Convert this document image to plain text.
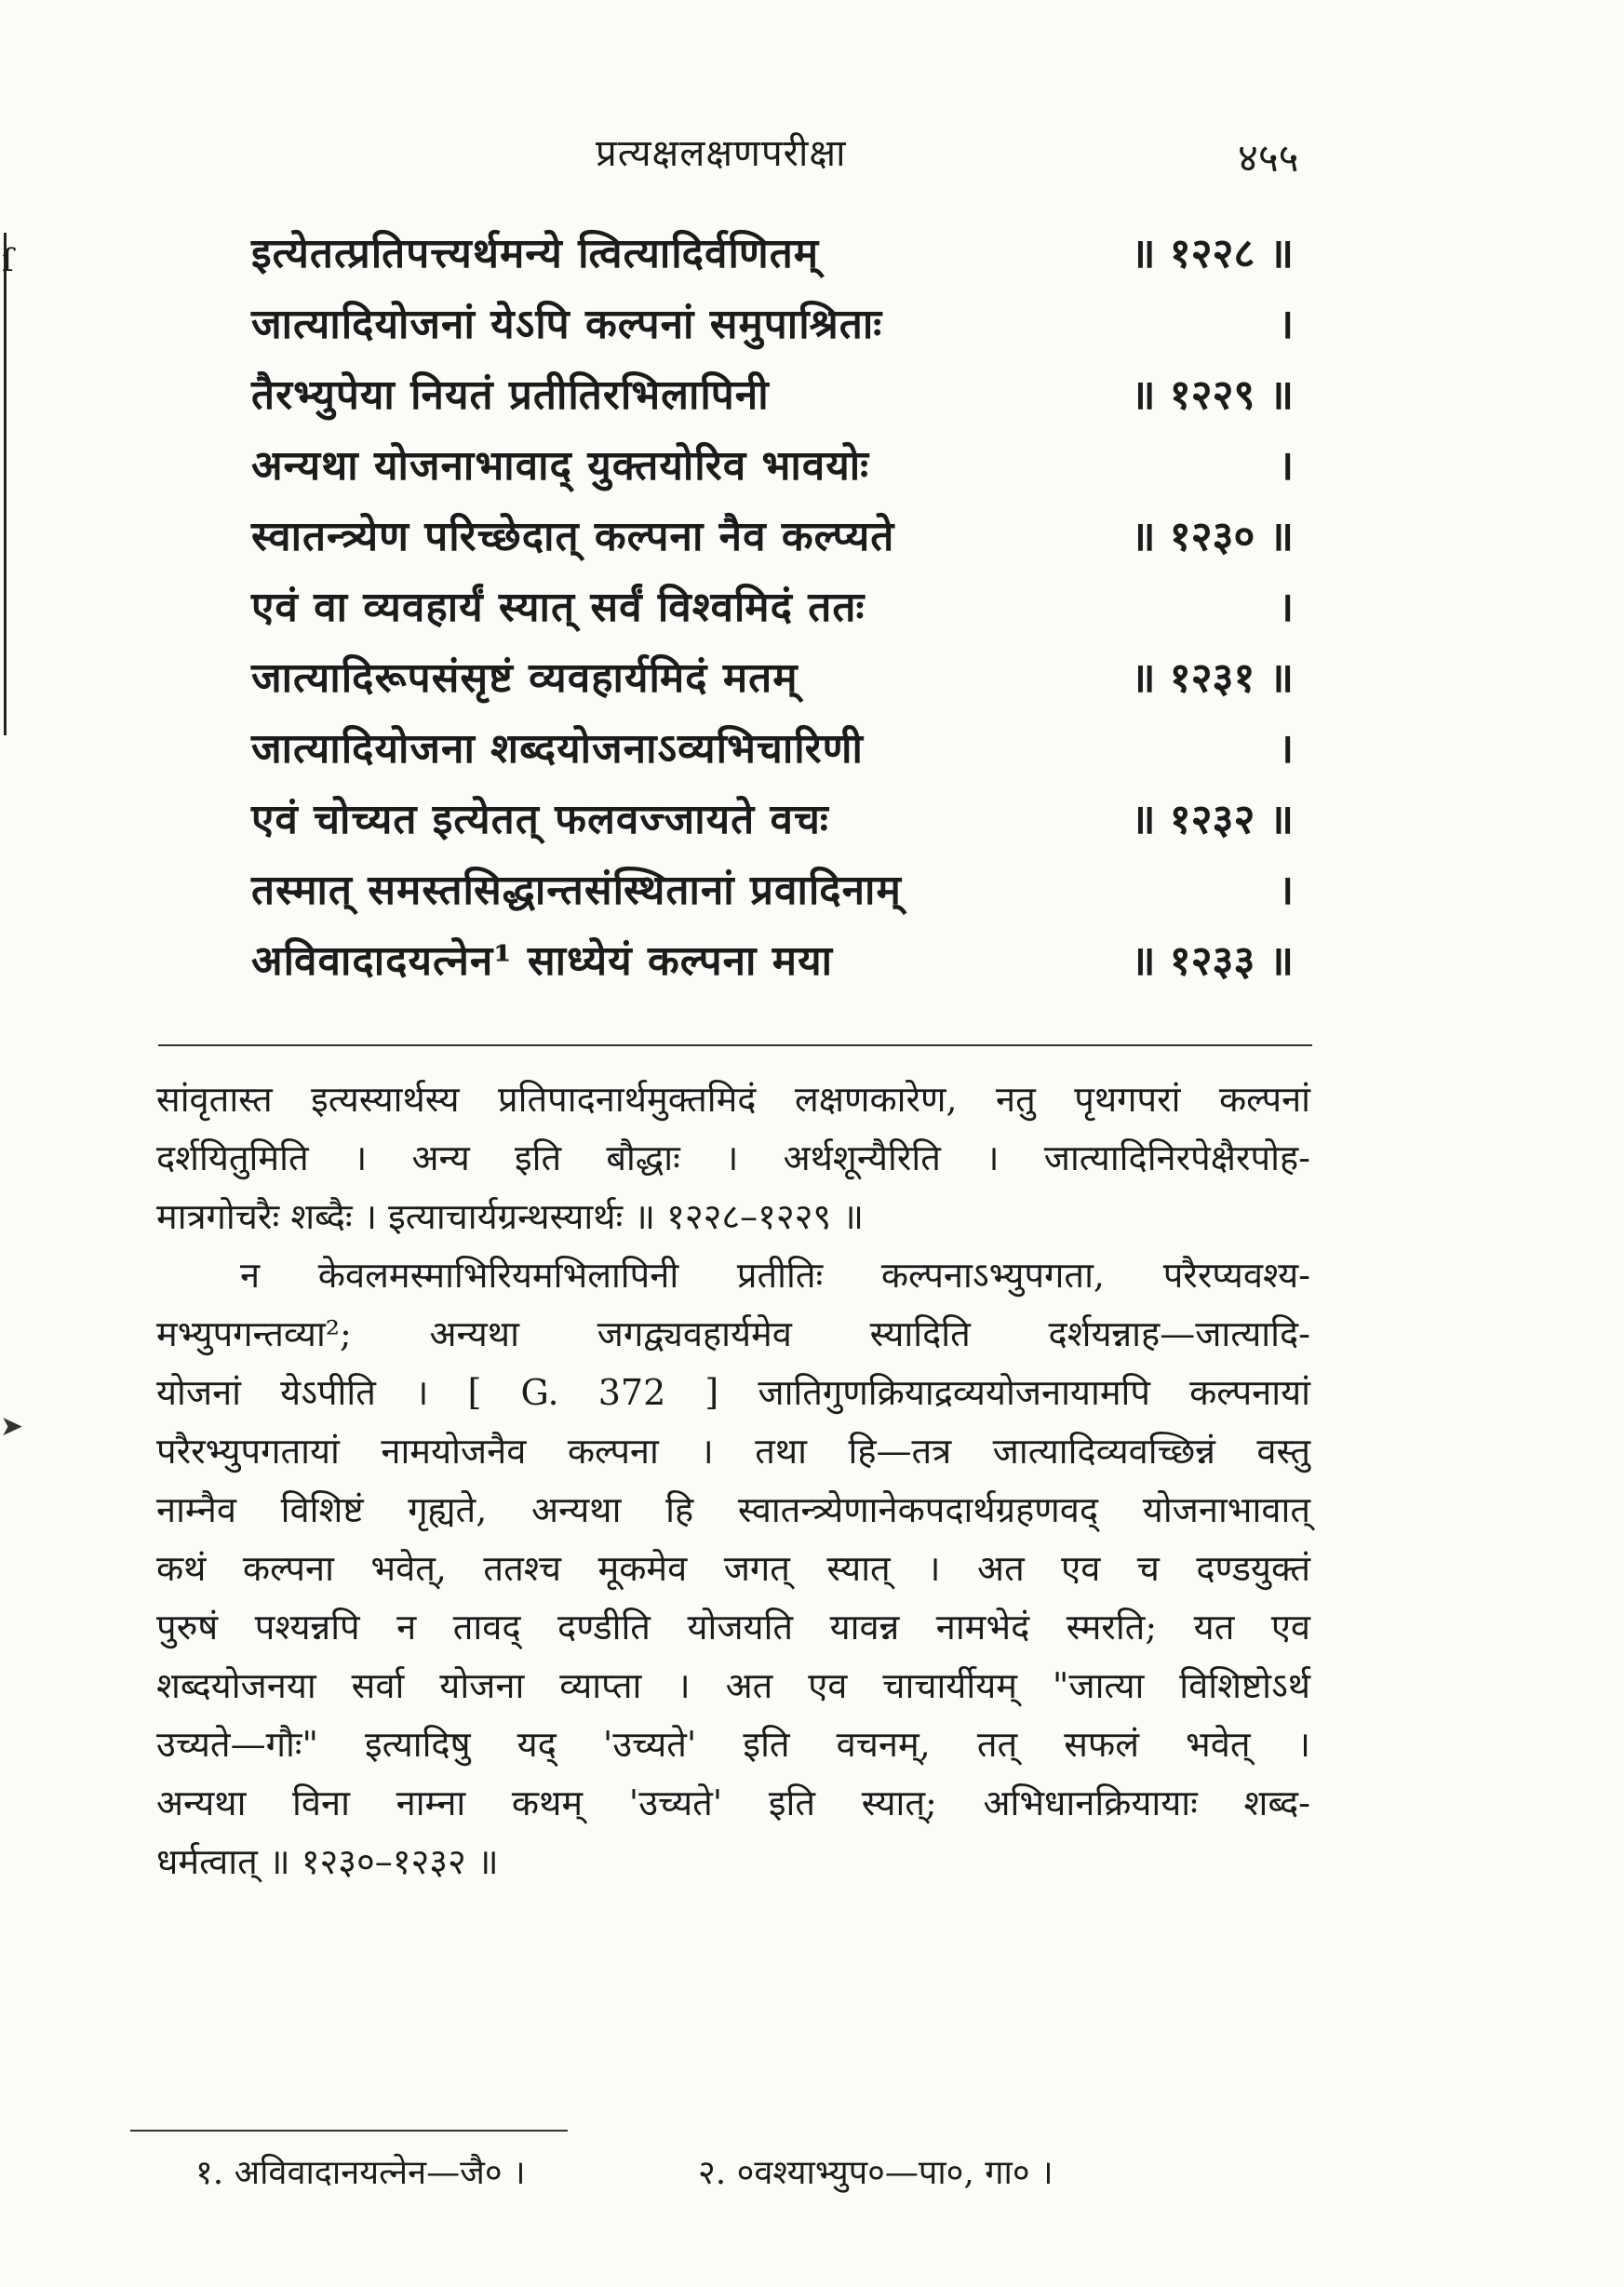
ſ
➤
प्रत्यक्षलक्षणपरीक्षा	४५५
इत्येतत्प्रतिपत्त्यर्थमन्ये त्वित्यादिर्वणितम्	॥ १२२८ ॥
जात्यादियोजनां येऽपि कल्पनां समुपाश्रिताः	।
तैरभ्युपेया नियतं प्रतीतिरभिलापिनी	॥ १२२९ ॥
अन्यथा योजनाभावाद् युक्तयोरिव भावयोः	।
स्वातन्त्र्येण परिच्छेदात् कल्पना नैव कल्प्यते	॥ १२३० ॥
एवं वा व्यवहार्यं स्यात् सर्वं विश्वमिदं ततः	।
जात्यादिरूपसंसृष्टं व्यवहार्यमिदं मतम्	॥ १२३१ ॥
जात्यादियोजना शब्दयोजनाऽव्यभिचारिणी	।
एवं चोच्यत इत्येतत् फलवज्जायते वचः	॥ १२३२ ॥
तस्मात् समस्तसिद्धान्तसंस्थितानां प्रवादिनाम्	।
अविवादादयत्नेन¹ साध्येयं कल्पना मया	॥ १२३३ ॥

सांवृतास्त इत्यस्यार्थस्य प्रतिपादनार्थमुक्तमिदं लक्षणकारेण, नतु पृथगपरां कल्पनां

दर्शयितुमिति । अन्य इति बौद्धाः । अर्थशून्यैरिति । जात्यादिनिरपेक्षैरपोह-

मात्रगोचरैः शब्दैः । इत्याचार्यग्रन्थस्यार्थः ॥ १२२८–१२२९ ॥

न केवलमस्माभिरियमभिलापिनी प्रतीतिः कल्पनाऽभ्युपगता, परैरप्यवश्य-

मभ्युपगन्तव्या²; अन्यथा जगद्व्यवहार्यमेव स्यादिति दर्शयन्नाह—जात्यादि-

योजनां येऽपीति । [ G. 372 ] जातिगुणक्रियाद्रव्ययोजनायामपि कल्पनायां

परैरभ्युपगतायां नामयोजनैव कल्पना । तथा हि—तत्र जात्यादिव्यवच्छिन्नं वस्तु

नाम्नैव विशिष्टं गृह्यते, अन्यथा हि स्वातन्त्र्येणानेकपदार्थग्रहणवद् योजनाभावात्

कथं कल्पना भवेत्, ततश्च मूकमेव जगत् स्यात् । अत एव च दण्डयुक्तं

पुरुषं पश्यन्नपि न तावद् दण्डीति योजयति यावन्न नामभेदं स्मरति; यत एव

शब्दयोजनया सर्वा योजना व्याप्ता । अत एव चाचार्यीयम् "जात्या विशिष्टोऽर्थ

उच्यते—गौः" इत्यादिषु यद् 'उच्यते' इति वचनम्, तत् सफलं भवेत् ।

अन्यथा विना नाम्ना कथम् 'उच्यते' इति स्यात्; अभिधानक्रियायाः शब्द-

धर्मत्वात् ॥ १२३०–१२३२ ॥

१. अविवादानयत्नेन—जै० ।	२. ०वश्याभ्युप०—पा०, गा० ।
